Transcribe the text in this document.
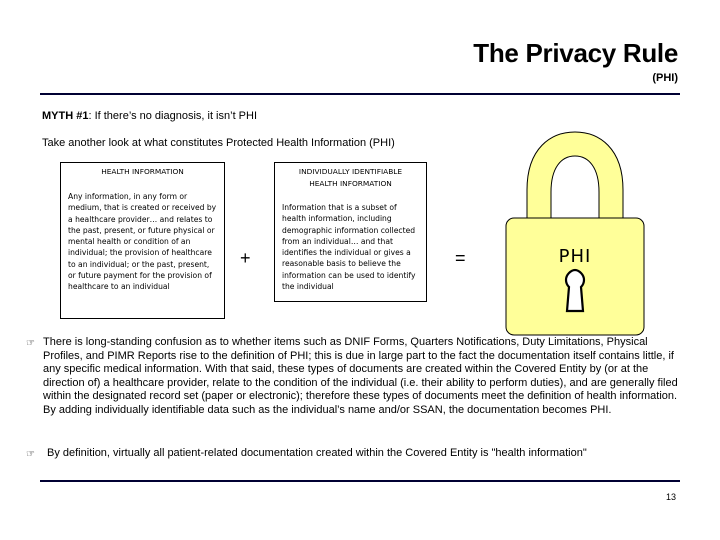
The Privacy Rule
(PHI)
MYTH #1: If there’s no diagnosis, it isn’t PHI
Take another look at what constitutes Protected Health Information (PHI)
HEALTH INFORMATION
Any information, in any form or medium, that is created or received by a healthcare provider… and relates to the past, present, or future physical or mental health or condition of an individual; the provision of healthcare to an individual; or the past, present, or future payment for the provision of healthcare to an individual
+
INDIVIDUALLY IDENTIFIABLE
HEALTH INFORMATION
Information that is a subset of health information, including demographic information collected from an individual… and that identifies the individual or gives a reasonable basis to believe the information can be used to identify the individual
=	PHI
☞ There is long-standing confusion as to whether items such as DNIF Forms, Quarters Notifications, Duty Limitations, Physical Profiles, and PIMR Reports rise to the definition of PHI; this is due in large part to the fact the documentation itself contains little, if any specific medical information. With that said, these types of documents are created within the Covered Entity by (or at the direction of) a healthcare provider, relate to the condition of the individual (i.e. their ability to perform duties), and are generally filed within the designated record set (paper or electronic); therefore these types of documents meet the definition of health information. By adding individually identifiable data such as the individual’s name and/or SSAN, the documentation becomes PHI.
☞ By definition, virtually all patient-related documentation created within the Covered Entity is "health information"
13
